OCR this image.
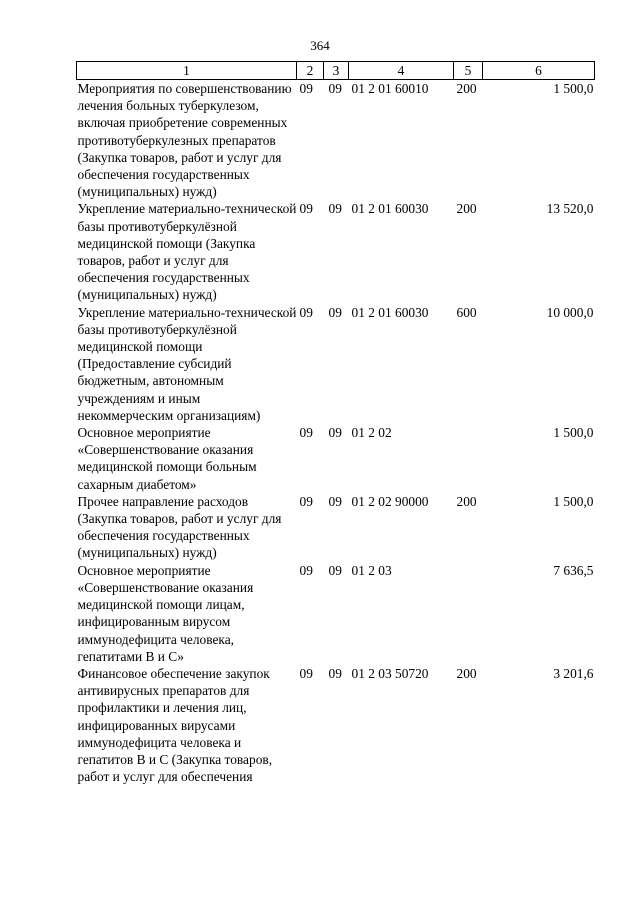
364
1	2	3	4	5	6
Мероприятия по совершенствованию лечения больных туберкулезом, включая приобретение современных противотуберкулезных препаратов (Закупка товаров, работ и услуг для обеспечения государственных (муниципальных) нужд)	09	09	01 2 01 60010	200	1 500,0
Укрепление материально-технической базы противотуберкулёзной медицинской помощи (Закупка товаров, работ и услуг для обеспечения государственных (муниципальных) нужд)	09	09	01 2 01 60030	200	13 520,0
Укрепление материально-технической базы противотуберкулёзной медицинской помощи (Предоставление субсидий бюджетным, автономным учреждениям и иным некоммерческим организациям)	09	09	01 2 01 60030	600	10 000,0
Основное мероприятие «Совершенствование оказания медицинской помощи больным сахарным диабетом»	09	09	01 2 02		1 500,0
Прочее направление расходов (Закупка товаров, работ и услуг для обеспечения государственных (муниципальных) нужд)	09	09	01 2 02 90000	200	1 500,0
Основное мероприятие «Совершенствование оказания медицинской помощи лицам, инфицированным вирусом иммунодефицита человека, гепатитами В и С»	09	09	01 2 03		7 636,5
Финансовое обеспечение закупок антивирусных препаратов для профилактики и лечения лиц, инфицированных вирусами иммунодефицита человека и гепатитов В и С (Закупка товаров, работ и услуг для обеспечения	09	09	01 2 03 50720	200	3 201,6
